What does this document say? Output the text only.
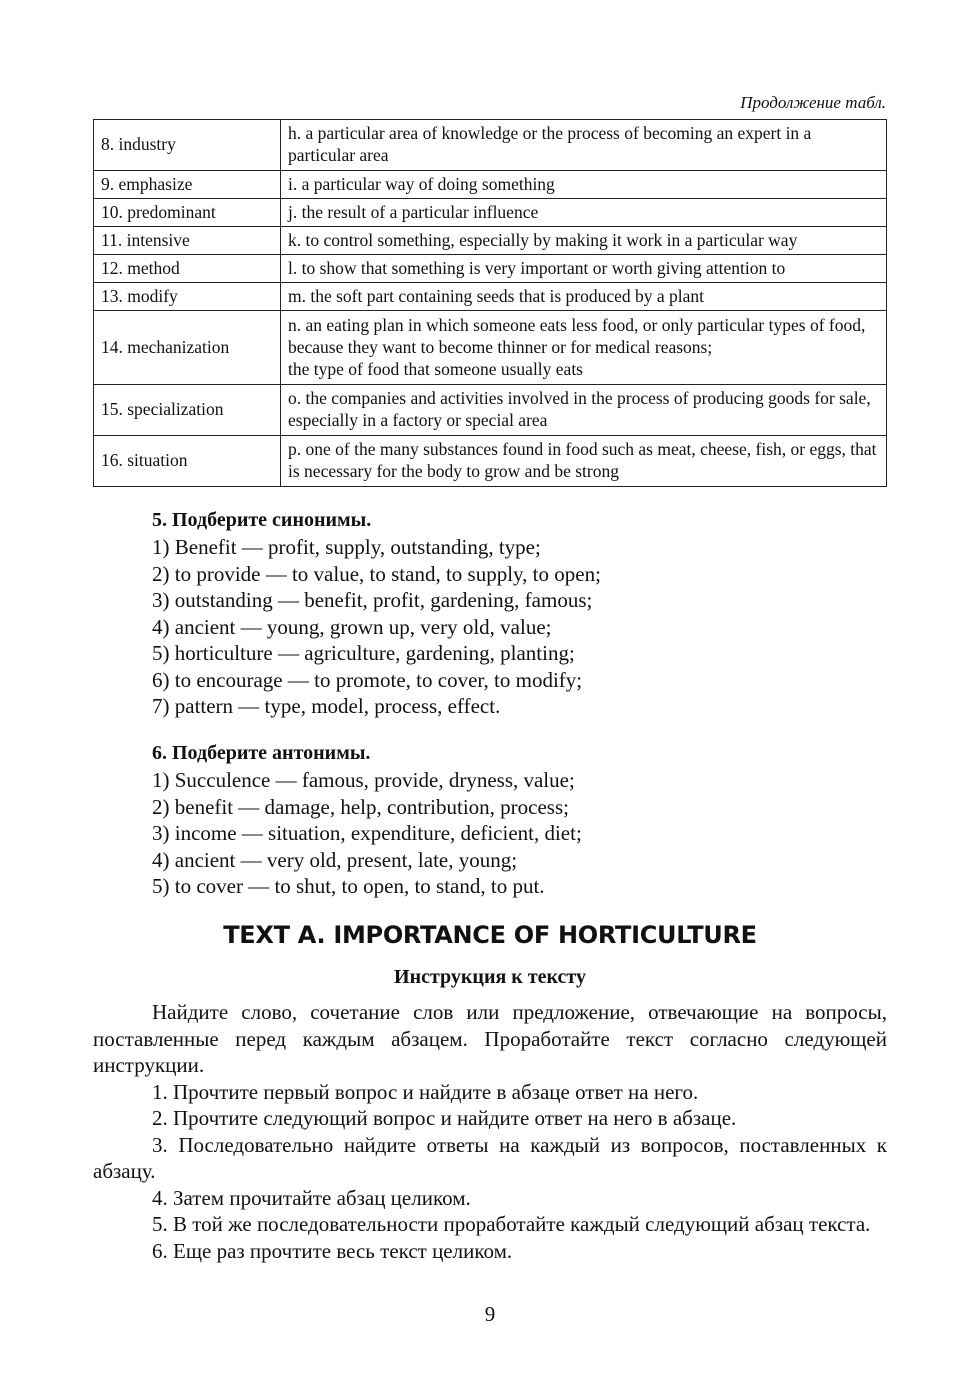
Продолжение табл.
8. industry	h. a particular area of knowledge or the process of becoming an expert in a particular area
9. emphasize	i. a particular way of doing something
10. predominant	j. the result of a particular influence
11. intensive	k. to control something, especially by making it work in a particular way
12. method	l. to show that something is very important or worth giving attention to
13. modify	m. the soft part containing seeds that is produced by a plant
14. mechanization	n. an eating plan in which someone eats less food, or only particular types of food, because they want to become thinner or for medical reasons;
the type of food that someone usually eats
15. specialization	o. the companies and activities involved in the process of producing goods for sale, especially in a factory or special area
16. situation	p. one of the many substances found in food such as meat, cheese, fish, or eggs, that is necessary for the body to grow and be strong
5. Подберите синонимы.
1) Benefit — profit, supply, outstanding, type;
2) to provide — to value, to stand, to supply, to open;
3) outstanding — benefit, profit, gardening, famous;
4) ancient — young, grown up, very old, value;
5) horticulture — agriculture, gardening, planting;
6) to encourage — to promote, to cover, to modify;
7) pattern — type, model, process, effect.
6. Подберите антонимы.
1) Succulence — famous, provide, dryness, value;
2) benefit — damage, help, contribution, process;
3) income — situation, expenditure, deficient, diet;
4) ancient — very old, present, late, young;
5) to cover — to shut, to open, to stand, to put.
TEXT A. IMPORTANCE OF HORTICULTURE
Инструкция к тексту

Найдите слово, сочетание слов или предложение, отвечающие на вопросы, поставленные перед каждым абзацем. Проработайте текст согласно следующей инструкции.

1. Прочтите первый вопрос и найдите в абзаце ответ на него.

2. Прочтите следующий вопрос и найдите ответ на него в абзаце.

3. Последовательно найдите ответы на каждый из вопросов, поставленных к абзацу.

4. Затем прочитайте абзац целиком.

5. В той же последовательности проработайте каждый следующий абзац текста.

6. Еще раз прочтите весь текст целиком.

9
